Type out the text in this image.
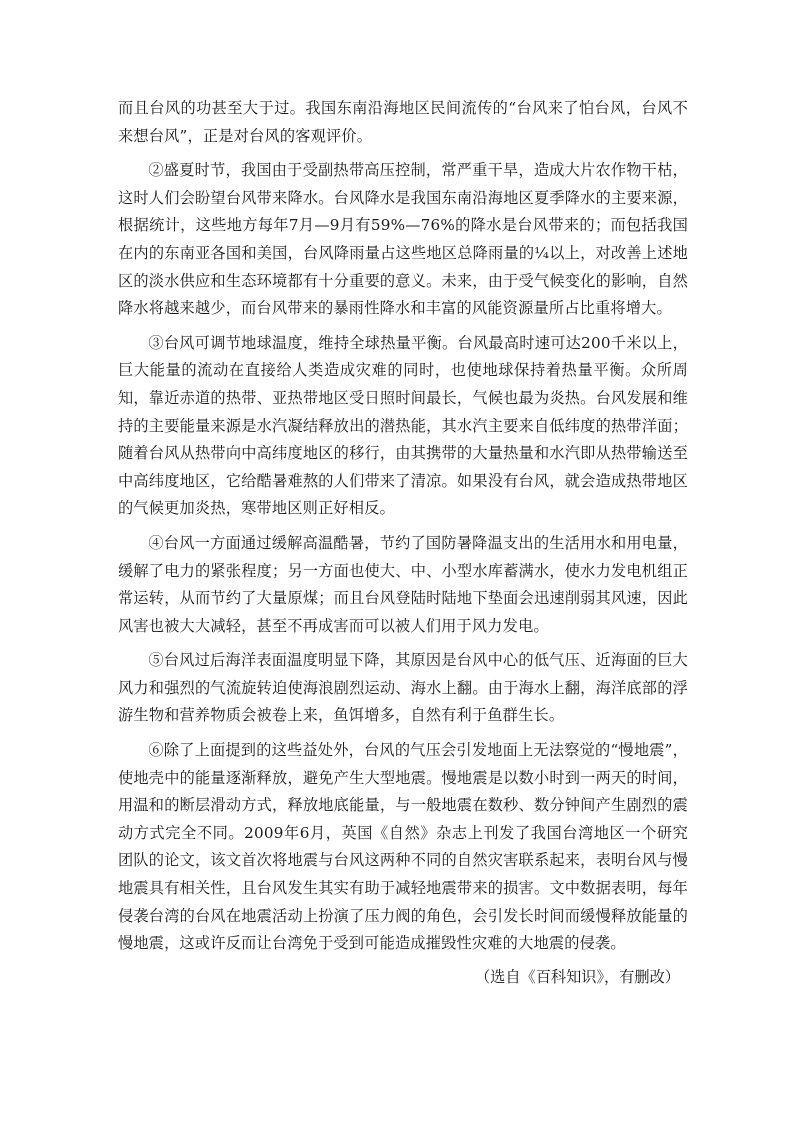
而且台风的功甚至大于过。我国东南沿海地区民间流传的“台风来了怕台风，台风不来想台风”，正是对台风的客观评价。

②盛夏时节，我国由于受副热带高压控制，常严重干旱，造成大片农作物干枯，这时人们会盼望台风带来降水。台风降水是我国东南沿海地区夏季降水的主要来源，根据统计，这些地方每年7月—9月有59%—76%的降水是台风带来的；而包括我国在内的东南亚各国和美国，台风降雨量占这些地区总降雨量的¼以上，对改善上述地区的淡水供应和生态环境都有十分重要的意义。未来，由于受气候变化的影响，自然降水将越来越少，而台风带来的暴雨性降水和丰富的风能资源量所占比重将增大。

③台风可调节地球温度，维持全球热量平衡。台风最高时速可达200千米以上，巨大能量的流动在直接给人类造成灾难的同时，也使地球保持着热量平衡。众所周知，靠近赤道的热带、亚热带地区受日照时间最长，气候也最为炎热。台风发展和维持的主要能量来源是水汽凝结释放出的潜热能，其水汽主要来自低纬度的热带洋面；随着台风从热带向中高纬度地区的移行，由其携带的大量热量和水汽即从热带输送至中高纬度地区，它给酷暑难熬的人们带来了清凉。如果没有台风，就会造成热带地区的气候更加炎热，寒带地区则正好相反。

④台风一方面通过缓解高温酷暑，节约了国防暑降温支出的生活用水和用电量，缓解了电力的紧张程度；另一方面也使大、中、小型水库蓄满水，使水力发电机组正常运转，从而节约了大量原煤；而且台风登陆时陆地下垫面会迅速削弱其风速，因此风害也被大大减轻，甚至不再成害而可以被人们用于风力发电。

⑤台风过后海洋表面温度明显下降，其原因是台风中心的低气压、近海面的巨大风力和强烈的气流旋转迫使海浪剧烈运动、海水上翻。由于海水上翻，海洋底部的浮游生物和营养物质会被卷上来，鱼饵增多，自然有利于鱼群生长。

⑥除了上面提到的这些益处外，台风的气压会引发地面上无法察觉的“慢地震”，使地壳中的能量逐渐释放，避免产生大型地震。慢地震是以数小时到一两天的时间，用温和的断层滑动方式，释放地底能量，与一般地震在数秒、数分钟间产生剧烈的震动方式完全不同。2009年6月，英国《自然》杂志上刊发了我国台湾地区一个研究团队的论文，该文首次将地震与台风这两种不同的自然灾害联系起来，表明台风与慢地震具有相关性，且台风发生其实有助于减轻地震带来的损害。文中数据表明，每年侵袭台湾的台风在地震活动上扮演了压力阀的角色，会引发长时间而缓慢释放能量的慢地震，这或许反而让台湾免于受到可能造成摧毁性灾难的大地震的侵袭。

（选自《百科知识》，有删改）
